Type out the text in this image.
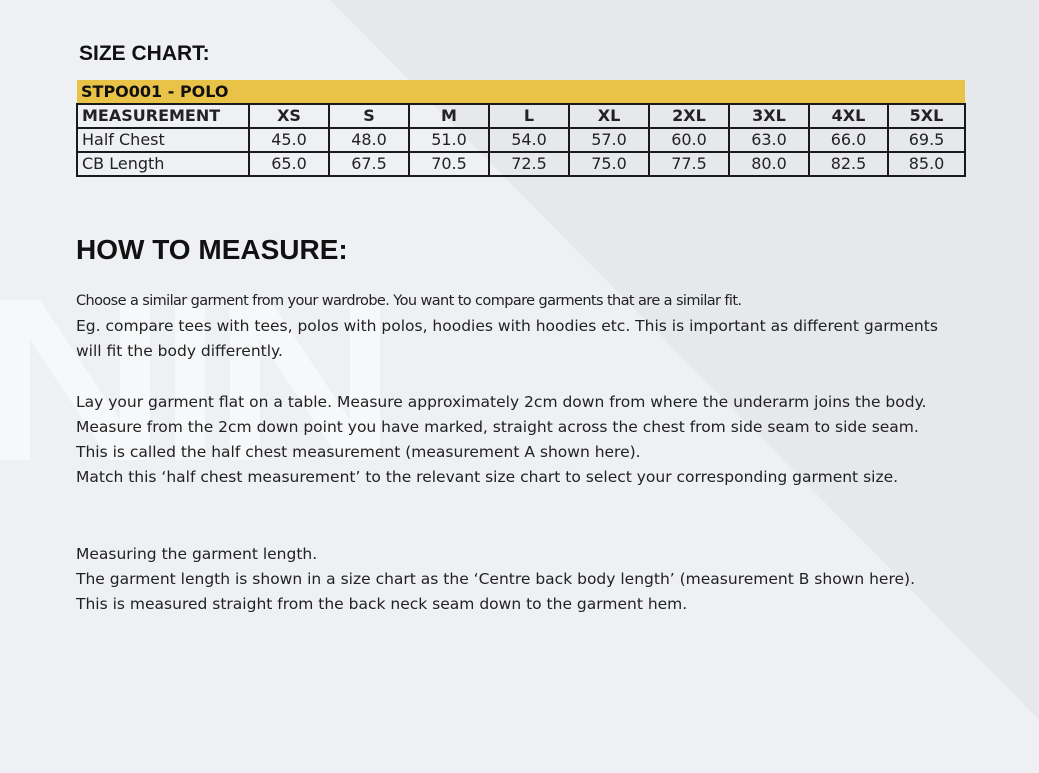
SIZE CHART:
STPO001 - POLO									
MEASUREMENT	XS	S	M	L	XL	2XL	3XL	4XL	5XL
Half Chest	45.0	48.0	51.0	54.0	57.0	60.0	63.0	66.0	69.5
CB Length	65.0	67.5	70.5	72.5	75.0	77.5	80.0	82.5	85.0
HOW TO MEASURE:

Choose a similar garment from your wardrobe. You want to compare garments that are a similar fit.

Eg. compare tees with tees, polos with polos, hoodies with hoodies etc. This is important as different garments

will fit the body differently.

Lay your garment flat on a table. Measure approximately 2cm down from where the underarm joins the body.

Measure from the 2cm down point you have marked, straight across the chest from side seam to side seam.

This is called the half chest measurement (measurement A shown here).

Match this ‘half chest measurement’ to the relevant size chart to select your corresponding garment size.

Measuring the garment length.

The garment length is shown in a size chart as the ‘Centre back body length’ (measurement B shown here).

This is measured straight from the back neck seam down to the garment hem.
